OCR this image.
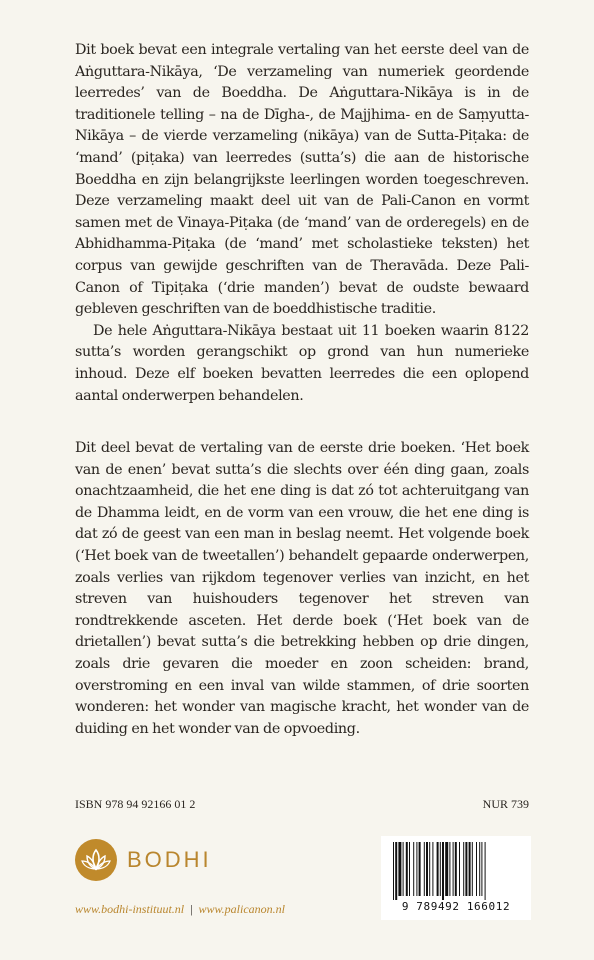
Dit boek bevat een integrale vertaling van het eerste deel van de Aṅguttara-Nikāya, ‘De verzameling van numeriek geordende leerredes’ van de Boeddha. De Aṅguttara-Nikāya is in de traditionele telling – na de Dīgha-, de Majjhima- en de Saṃyutta-Nikāya – de vierde verzameling (nikāya) van de Sutta-Piṭaka: de ‘mand’ (piṭaka) van leerredes (sutta’s) die aan de historische Boeddha en zijn belangrijkste leerlingen worden toegeschreven. Deze verzameling maakt deel uit van de Pali-Canon en vormt samen met de Vinaya-Piṭaka (de ‘mand’ van de orderegels) en de Abhidhamma-Piṭaka (de ‘mand’ met scholastieke teksten) het corpus van gewijde geschriften van de Theravāda. Deze Pali-Canon of Tipiṭaka (‘drie manden’) bevat de oudste bewaard gebleven geschriften van de boeddhistische traditie.

De hele Aṅguttara-Nikāya bestaat uit 11 boeken waarin 8122 sutta’s worden gerangschikt op grond van hun numerieke inhoud. Deze elf boeken bevatten leerredes die een oplopend aantal onderwerpen behandelen.

Dit deel bevat de vertaling van de eerste drie boeken. ‘Het boek van de enen’ bevat sutta’s die slechts over één ding gaan, zoals onachtzaamheid, die het ene ding is dat zó tot achteruitgang van de Dhamma leidt, en de vorm van een vrouw, die het ene ding is dat zó de geest van een man in beslag neemt. Het volgende boek (‘Het boek van de tweetallen’) behandelt gepaarde onderwerpen, zoals verlies van rijkdom tegenover verlies van inzicht, en het streven van huishouders tegenover het streven van rondtrekkende asceten. Het derde boek (‘Het boek van de drietallen’) bevat sutta’s die betrekking hebben op drie dingen, zoals drie gevaren die moeder en zoon scheiden: brand, overstroming en een inval van wilde stammen, of drie soorten wonderen: het wonder van magische kracht, het wonder van de duiding en het wonder van de opvoeding.

ISBN 978 94 92166 01 2	NUR 739
BODHI
www.bodhi-instituut.nl | www.palicanon.nl	9 789492 166012
